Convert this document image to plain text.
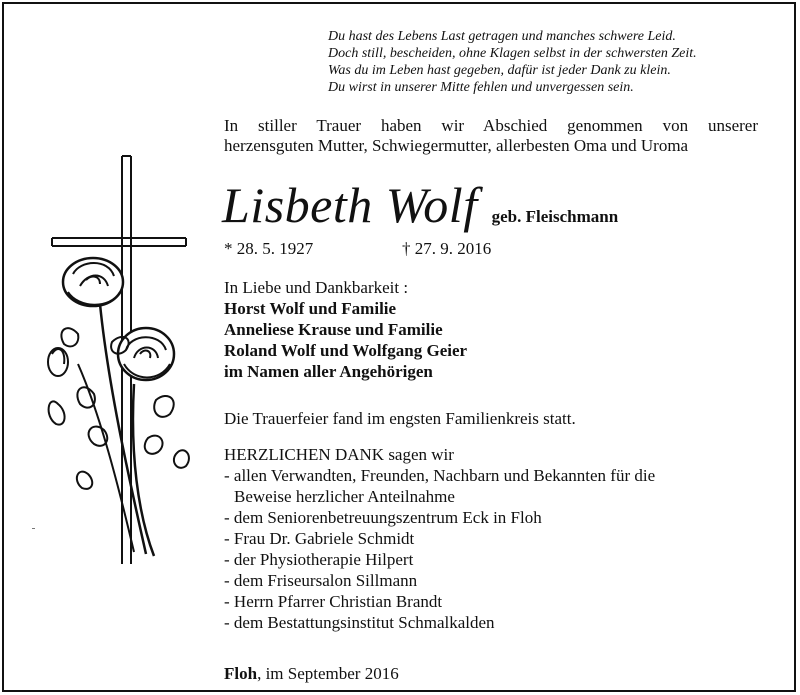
Du hast des Lebens Last getragen und manches schwere Leid.
Doch still, bescheiden, ohne Klagen selbst in der schwersten Zeit.
Was du im Leben hast gegeben, dafür ist jeder Dank zu klein.
Du wirst in unserer Mitte fehlen und unvergessen sein.
In stiller Trauer haben wir Abschied genommen von unserer
herzensguten Mutter, Schwiegermutter, allerbesten Oma und Uroma
Lisbeth Wolf geb. Fleischmann
* 28. 5. 1927	† 27. 9. 2016
In Liebe und Dankbarkeit :
Horst Wolf und Familie
Anneliese Krause und Familie
Roland Wolf und Wolfgang Geier
im Namen aller Angehörigen
Die Trauerfeier fand im engsten Familienkreis statt.
HERZLICHEN DANK sagen wir
- allen Verwandten, Freunden, Nachbarn und Bekannten für die
Beweise herzlicher Anteilnahme
- dem Seniorenbetreuungszentrum Eck in Floh
- Frau Dr. Gabriele Schmidt
- der Physiotherapie Hilpert
- dem Friseursalon Sillmann
- Herrn Pfarrer Christian Brandt
- dem Bestattungsinstitut Schmalkalden
Floh, im September 2016
